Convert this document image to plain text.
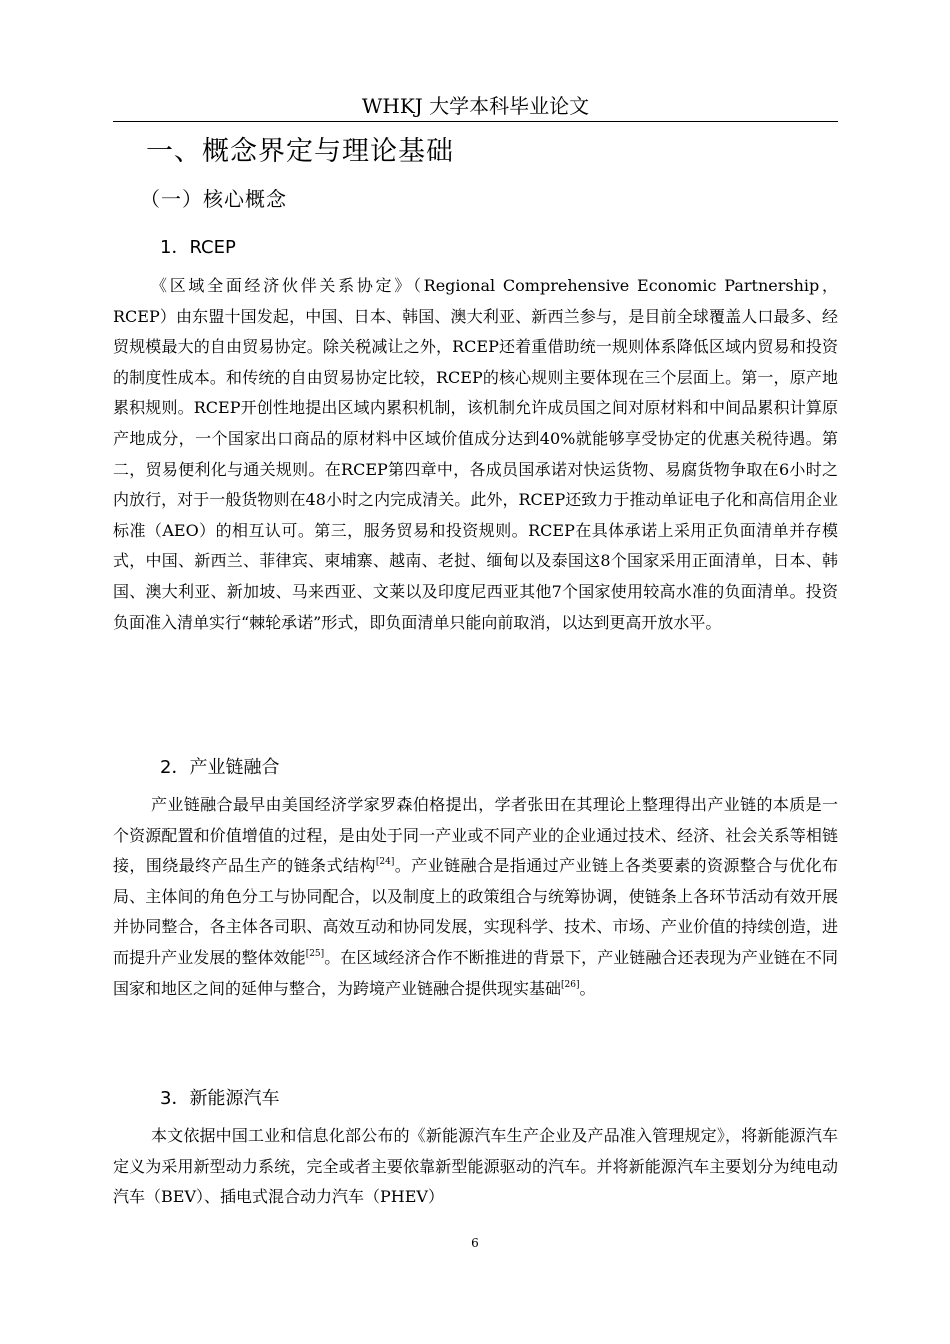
WHKJ 大学本科毕业论文
一、概念界定与理论基础
（一）核心概念
1．RCEP
《区域全面经济伙伴关系协定》（Regional Comprehensive Economic Partnership，RCEP）由东盟十国发起，中国、日本、韩国、澳大利亚、新西兰参与，是目前全球覆盖人口最多、经贸规模最大的自由贸易协定。除关税减让之外，RCEP还着重借助统一规则体系降低区域内贸易和投资的制度性成本。和传统的自由贸易协定比较，RCEP的核心规则主要体现在三个层面上。第一，原产地累积规则。RCEP开创性地提出区域内累积机制，该机制允许成员国之间对原材料和中间品累积计算原产地成分，一个国家出口商品的原材料中区域价值成分达到40%就能够享受协定的优惠关税待遇。第二，贸易便利化与通关规则。在RCEP第四章中，各成员国承诺对快运货物、易腐货物争取在6小时之内放行，对于一般货物则在48小时之内完成清关。此外，RCEP还致力于推动单证电子化和高信用企业标准（AEO）的相互认可。第三，服务贸易和投资规则。RCEP在具体承诺上采用正负面清单并存模式，中国、新西兰、菲律宾、柬埔寨、越南、老挝、缅甸以及泰国这8个国家采用正面清单，日本、韩国、澳大利亚、新加坡、马来西亚、文莱以及印度尼西亚其他7个国家使用较高水准的负面清单。投资负面准入清单实行“棘轮承诺”形式，即负面清单只能向前取消，以达到更高开放水平。
2．产业链融合
产业链融合最早由美国经济学家罗森伯格提出，学者张田在其理论上整理得出产业链的本质是一个资源配置和价值增值的过程，是由处于同一产业或不同产业的企业通过技术、经济、社会关系等相链接，围绕最终产品生产的链条式结构[24]。产业链融合是指通过产业链上各类要素的资源整合与优化布局、主体间的角色分工与协同配合，以及制度上的政策组合与统筹协调，使链条上各环节活动有效开展并协同整合，各主体各司职、高效互动和协同发展，实现科学、技术、市场、产业价值的持续创造，进而提升产业发展的整体效能[25]。在区域经济合作不断推进的背景下，产业链融合还表现为产业链在不同国家和地区之间的延伸与整合，为跨境产业链融合提供现实基础[26]。
3．新能源汽车
本文依据中国工业和信息化部公布的《新能源汽车生产企业及产品准入管理规定》，将新能源汽车定义为采用新型动力系统，完全或者主要依靠新型能源驱动的汽车。并将新能源汽车主要划分为纯电动汽车（BEV）、插电式混合动力汽车（PHEV）
6
